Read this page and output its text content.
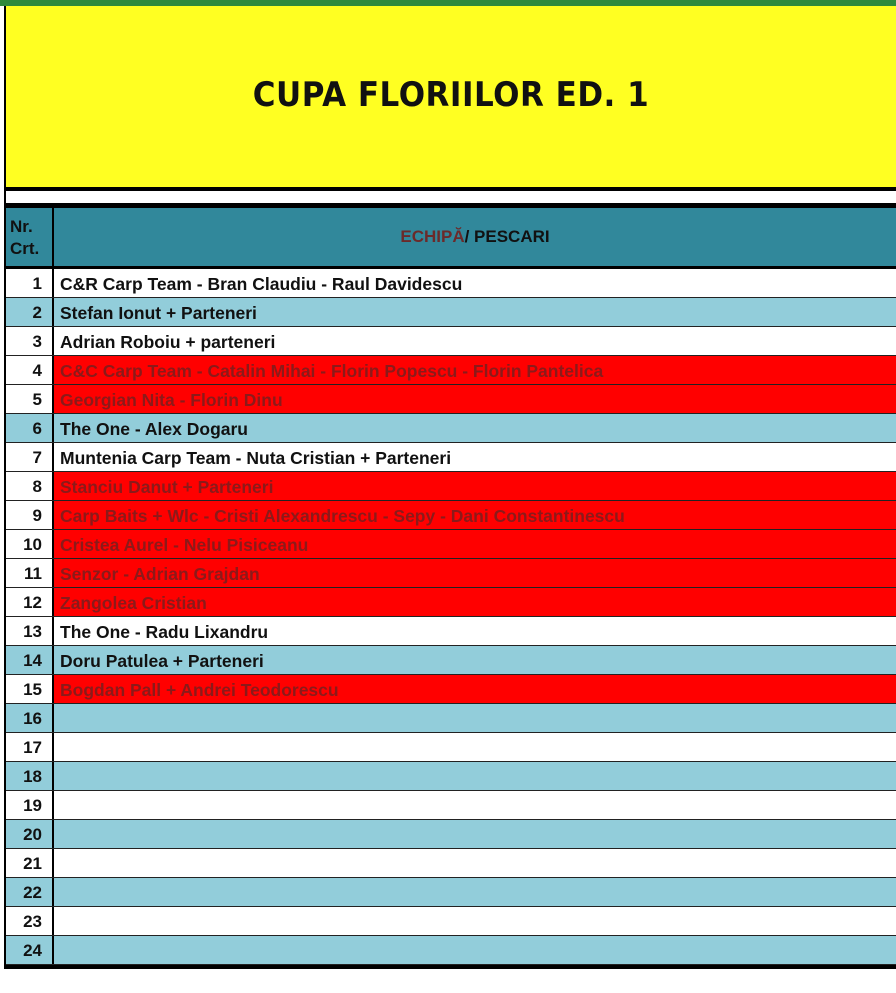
CUPA FLORIILOR ED. 1
Nr.
Crt.
ECHIPĂ / PESCARI
1	C&R Carp Team - Bran Claudiu - Raul Davidescu
2	Stefan Ionut + Parteneri
3	Adrian Roboiu + parteneri
4	C&C Carp Team - Catalin Mihai - Florin Popescu - Florin Pantelica
5	Georgian Nita - Florin Dinu
6	The One - Alex Dogaru
7	Muntenia Carp Team - Nuta Cristian + Parteneri
8	Stanciu Danut + Parteneri
9	Carp Baits + Wlc - Cristi Alexandrescu - Sepy - Dani Constantinescu
10	Cristea Aurel - Nelu Pisiceanu
11	Senzor - Adrian Grajdan
12	Zangolea Cristian
13	The One - Radu Lixandru
14	Doru Patulea + Parteneri
15	Bogdan Pall + Andrei Teodorescu
16
17
18
19
20
21
22
23
24
